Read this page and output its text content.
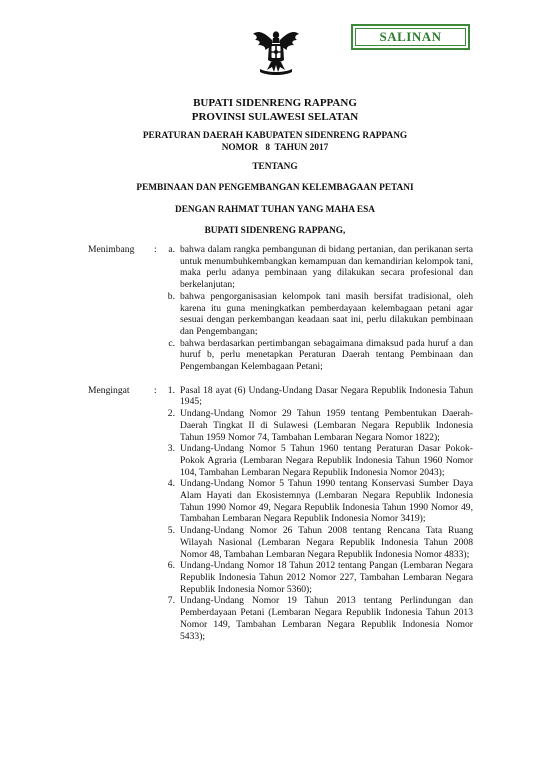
SALINAN
BUPATI SIDENRENG RAPPANG
PROVINSI SULAWESI SELATAN
PERATURAN DAERAH KABUPATEN SIDENRENG RAPPANG
NOMOR   8  TAHUN 2017
TENTANG
PEMBINAAN DAN PENGEMBANGAN KELEMBAGAAN PETANI
DENGAN RAHMAT TUHAN YANG MAHA ESA
BUPATI SIDENRENG RAPPANG,
Menimbang	:	a. bahwa dalam rangka pembangunan di bidang pertanian, dan perikanan serta untuk menumbuhkembangkan kemampuan dan kemandirian kelompok tani, maka perlu adanya pembinaan yang dilakukan secara profesional dan berkelanjutan;
b. bahwa pengorganisasian kelompok tani masih bersifat tradisional, oleh karena itu guna meningkatkan pemberdayaan kelembagaan petani agar sesuai dengan perkembangan keadaan saat ini, perlu dilakukan pembinaan dan Pengembangan;
c. bahwa berdasarkan pertimbangan sebagaimana dimaksud pada huruf a dan huruf b, perlu menetapkan Peraturan Daerah tentang Pembinaan dan Pengembangan Kelembagaan Petani;
Mengingat	:	1. Pasal 18 ayat (6) Undang-Undang Dasar Negara Republik Indonesia Tahun 1945;
2. Undang-Undang Nomor 29 Tahun 1959 tentang Pembentukan Daerah-Daerah Tingkat II di Sulawesi (Lembaran Negara Republik Indonesia Tahun 1959 Nomor 74, Tambahan Lembaran Negara Nomor 1822);
3. Undang-Undang Nomor 5 Tahun 1960 tentang Peraturan Dasar Pokok-Pokok Agraria (Lembaran Negara Republik Indonesia Tahun 1960 Nomor 104, Tambahan Lembaran Negara Republik Indonesia Nomor 2043);
4. Undang-Undang Nomor 5 Tahun 1990 tentang Konservasi Sumber Daya Alam Hayati dan Ekosistemnya (Lembaran Negara Republik Indonesia Tahun 1990 Nomor 49, Negara Republik Indonesia Tahun 1990 Nomor 49, Tambahan Lembaran Negara Republik Indonesia Nomor 3419);
5. Undang-Undang Nomor 26 Tahun 2008 tentang Rencana Tata Ruang Wilayah Nasional (Lembaran Negara Republik Indonesia Tahun 2008 Nomor 48, Tambahan Lembaran Negara Republik Indonesia Nomor 4833);
6. Undang-Undang Nomor 18 Tahun 2012 tentang Pangan (Lembaran Negara Republik Indonesia Tahun 2012 Nomor 227, Tambahan Lembaran Negara Republik Indonesia Nomor 5360);
7. Undang-Undang Nomor 19 Tahun 2013 tentang Perlindungan dan Pemberdayaan Petani (Lembaran Negara Republik Indonesia Tahun 2013 Nomor 149, Tambahan Lembaran Negara Republik Indonesia Nomor 5433);
